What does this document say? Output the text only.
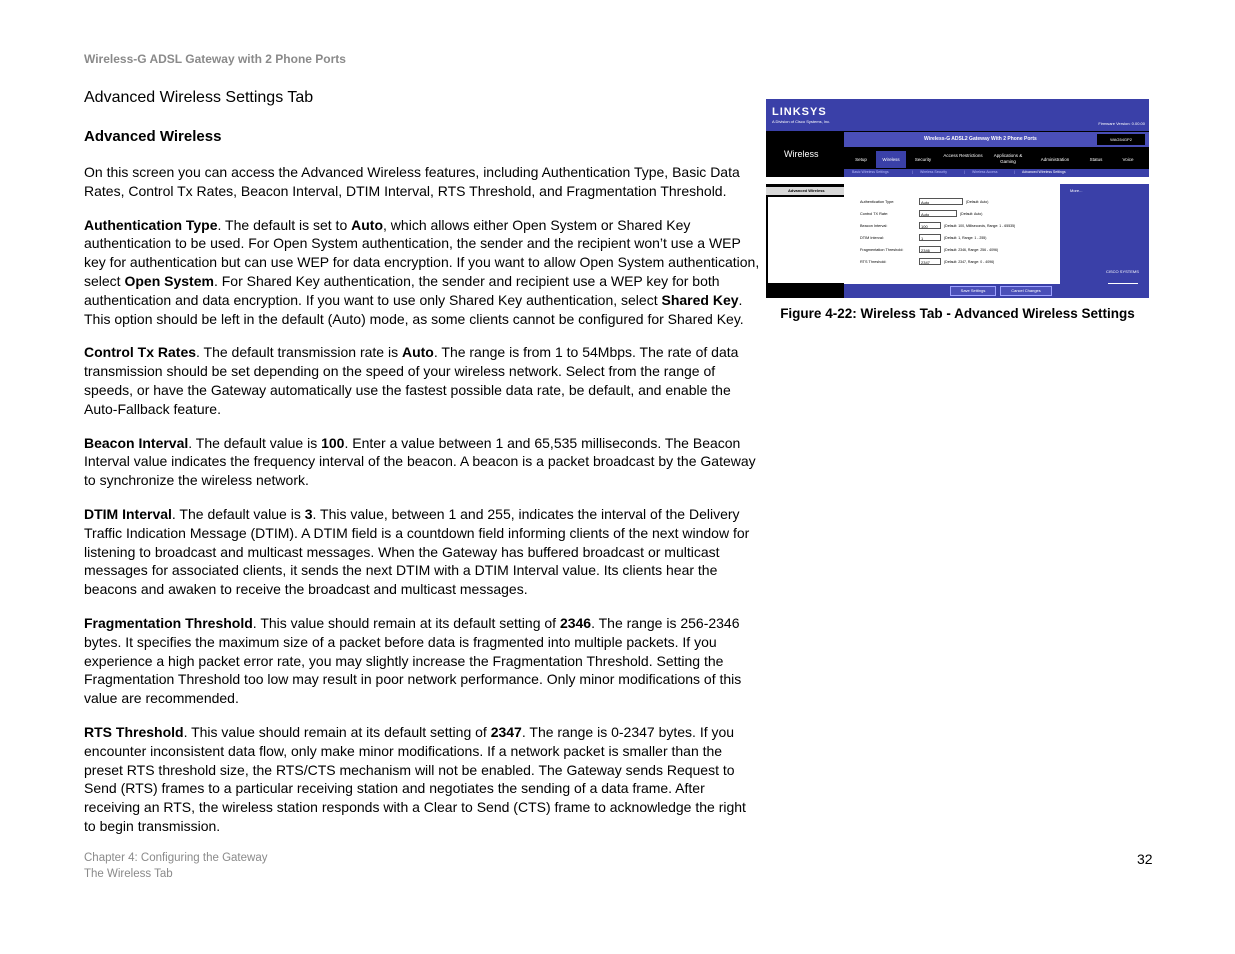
Wireless-G ADSL Gateway with 2 Phone Ports
Advanced Wireless Settings Tab
Advanced Wireless

On this screen you can access the Advanced Wireless features, including Authentication Type, Basic Data Rates, Control Tx Rates, Beacon Interval, DTIM Interval, RTS Threshold, and Fragmentation Threshold.

Authentication Type. The default is set to Auto, which allows either Open System or Shared Key authentication to be used. For Open System authentication, the sender and the recipient won’t use a WEP key for authentication but can use WEP for data encryption. If you want to allow Open System authentication, select Open System. For Shared Key authentication, the sender and recipient use a WEP key for both authentication and data encryption. If you want to use only Shared Key authentication, select Shared Key. This option should be left in the default (Auto) mode, as some clients cannot be configured for Shared Key.

Control Tx Rates. The default transmission rate is Auto. The range is from 1 to 54Mbps. The rate of data transmission should be set depending on the speed of your wireless network. Select from the range of speeds, or have the Gateway automatically use the fastest possible data rate, be default, and enable the Auto-Fallback feature.

Beacon Interval. The default value is 100. Enter a value between 1 and 65,535 milliseconds. The Beacon Interval value indicates the frequency interval of the beacon. A beacon is a packet broadcast by the Gateway to synchronize the wireless network.

DTIM Interval. The default value is 3. This value, between 1 and 255, indicates the interval of the Delivery Traffic Indication Message (DTIM). A DTIM field is a countdown field informing clients of the next window for listening to broadcast and multicast messages. When the Gateway has buffered broadcast or multicast messages for associated clients, it sends the next DTIM with a DTIM Interval value. Its clients hear the beacons and awaken to receive the broadcast and multicast messages.

Fragmentation Threshold. This value should remain at its default setting of 2346. The range is 256-2346 bytes. It specifies the maximum size of a packet before data is fragmented into multiple packets. If you experience a high packet error rate, you may slightly increase the Fragmentation Threshold. Setting the Fragmentation Threshold too low may result in poor network performance. Only minor modifications of this value are recommended.

RTS Threshold. This value should remain at its default setting of 2347. The range is 0-2347 bytes. If you encounter inconsistent data flow, only make minor modifications. If a network packet is smaller than the preset RTS threshold size, the RTS/CTS mechanism will not be enabled. The Gateway sends Request to Send (RTS) frames to a particular receiving station and negotiates the sending of a data frame. After receiving an RTS, the wireless station responds with a Clear to Send (CTS) frame to acknowledge the right to begin transmission.

LINKSYS
A Division of Cisco Systems, Inc.	Firmware Version: 0.00.00
Wireless-G ADSL2 Gateway With 2 Phone Ports	WAG54GP2
Wireless
Setup	Wireless	Security
Access Restrictions	Applications & Gaming	Administration	Status	Voice
Basic Wireless Settings	| Wireless Security	| Wireless Access	| Advanced Wireless Settings
Advanced Wireless
Authentication Type:	Auto	(Default: Auto)
Control TX Rate:	Auto	(Default: Auto)
Beacon Interval:	100	(Default: 100, Milliseconds, Range: 1 - 65535)
DTIM Interval:	1	(Default: 1, Range: 1 - 255)
Fragmentation Threshold:	2346	(Default: 2346, Range: 256 - 4096)
RTS Threshold:	2347	(Default: 2347, Range: 0 - 4096)
More...
CISCO SYSTEMS
Save Settings	Cancel Changes
Figure 4-22: Wireless Tab - Advanced Wireless Settings
Chapter 4: Configuring the Gateway
The Wireless Tab
32
